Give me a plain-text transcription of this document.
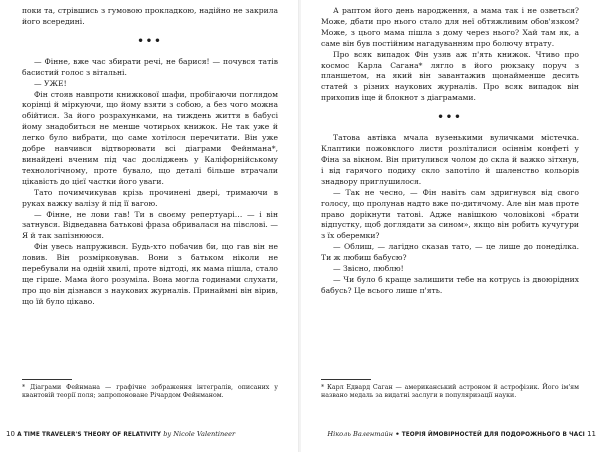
поки та, стрівшись з гумовою прокладкою, надійно не закрила його всередині.

•••

— Фінне, вже час збирати речі, не барися! — почувся татів басистий голос з вітальні.

— УЖЕ!

Фін стояв навпроти книжкової шафи, пробігаючи поглядом корінці й міркуючи, що йому взяти з собою, а без чого можна обійтися. За його розрахунками, на тиждень життя в бабусі йому знадобиться не менше чотирьох книжок. Не так уже й легко було вибрати, що саме хотілося перечитати. Він уже добре навчився відтворювати всі діаграми Фейнмана*, винайдені вченим під час досліджень у Каліфорнійському технологічному, проте бувало, що деталі більше втрачали цікавість до цієї частки його уваги.

Тато почимчикував крізь прочинені двері, тримаючи в руках важку валізу й під її вагою.

— Фінне, не лови гав! Ти в своєму репертуарі… — і він затнувся. Відведавна батькові фраза обривалася на півслові. — Я й так запізнююся.

Фін увесь напружився. Будь-хто побачив би, що гав він не ловив. Він розмірковував. Вони з батьком ніколи не перебували на одній хвилі, проте відтоді, як мама пішла, стало ще гірше. Мама його розуміла. Вона могла годинами слухати, про що він дізнався з наукових журналів. Принаймні він вірив, що їй було цікаво.

* Діаграми Фейнмана — графічне зображення інтегралів, описаних у квантовій теорії поля; запропоноване Річардом Фейнманом.
10 A TIME TRAVELER'S THEORY OF RELATIVITY by Nicole Valentineer

А раптом його день народження, а мама так і не озветься? Може, дбати про нього стало для неї обтяжливим обов'язком? Може, з цього мама пішла з дому через нього? Хай там як, а саме він був постійним нагадуванням про болючу втрату.

Про всяк випадок Фін узяв аж п'ять книжок. Чтиво про космос Карла Сагана* лягло в його рюкзаку поруч з планшетом, на який він завантажив щонайменше десять статей з різних наукових журналів. Про всяк випадок він прихопив іще й блокнот з діаграмами.

•••

Татова автівка мчала вузенькими вуличками містечка. Клаптики пожовклого листя розліталися осіннім конфеті у Фіна за вікном. Він притулився чолом до скла й важко зітхнув, і від гарячого подиху скло запотіло й шаленство кольорів знадвору приглушилося.

— Так не чесно, — Фін навіть сам здригнувся від свого голосу, що пролунав надто вже по-дитячому. Але він мав проте право дорікнути татові. Адже навішкою чоловікові «брати відпустку, щоб доглядати за сином», якщо він робить кучугури з їх оберемки?

— Облиш, — лагідно сказав тато, — це лише до понеділка. Ти ж любиш бабусю?

— Звісно, люблю!

— Чи було б краще залишити тебе на котрусь із двоюрідних бабусь? Це всього лише п'ять.

* Карл Едвард Саган — американський астроном й астрофізик. Його ім'ям названо медаль за видатні заслуги в популяризації науки.
Ніколь Валентайн • ТЕОРІЯ ЙМОВІРНОСТЕЙ ДЛЯ ПОДОРОЖНЬОГО В ЧАСІ 11
